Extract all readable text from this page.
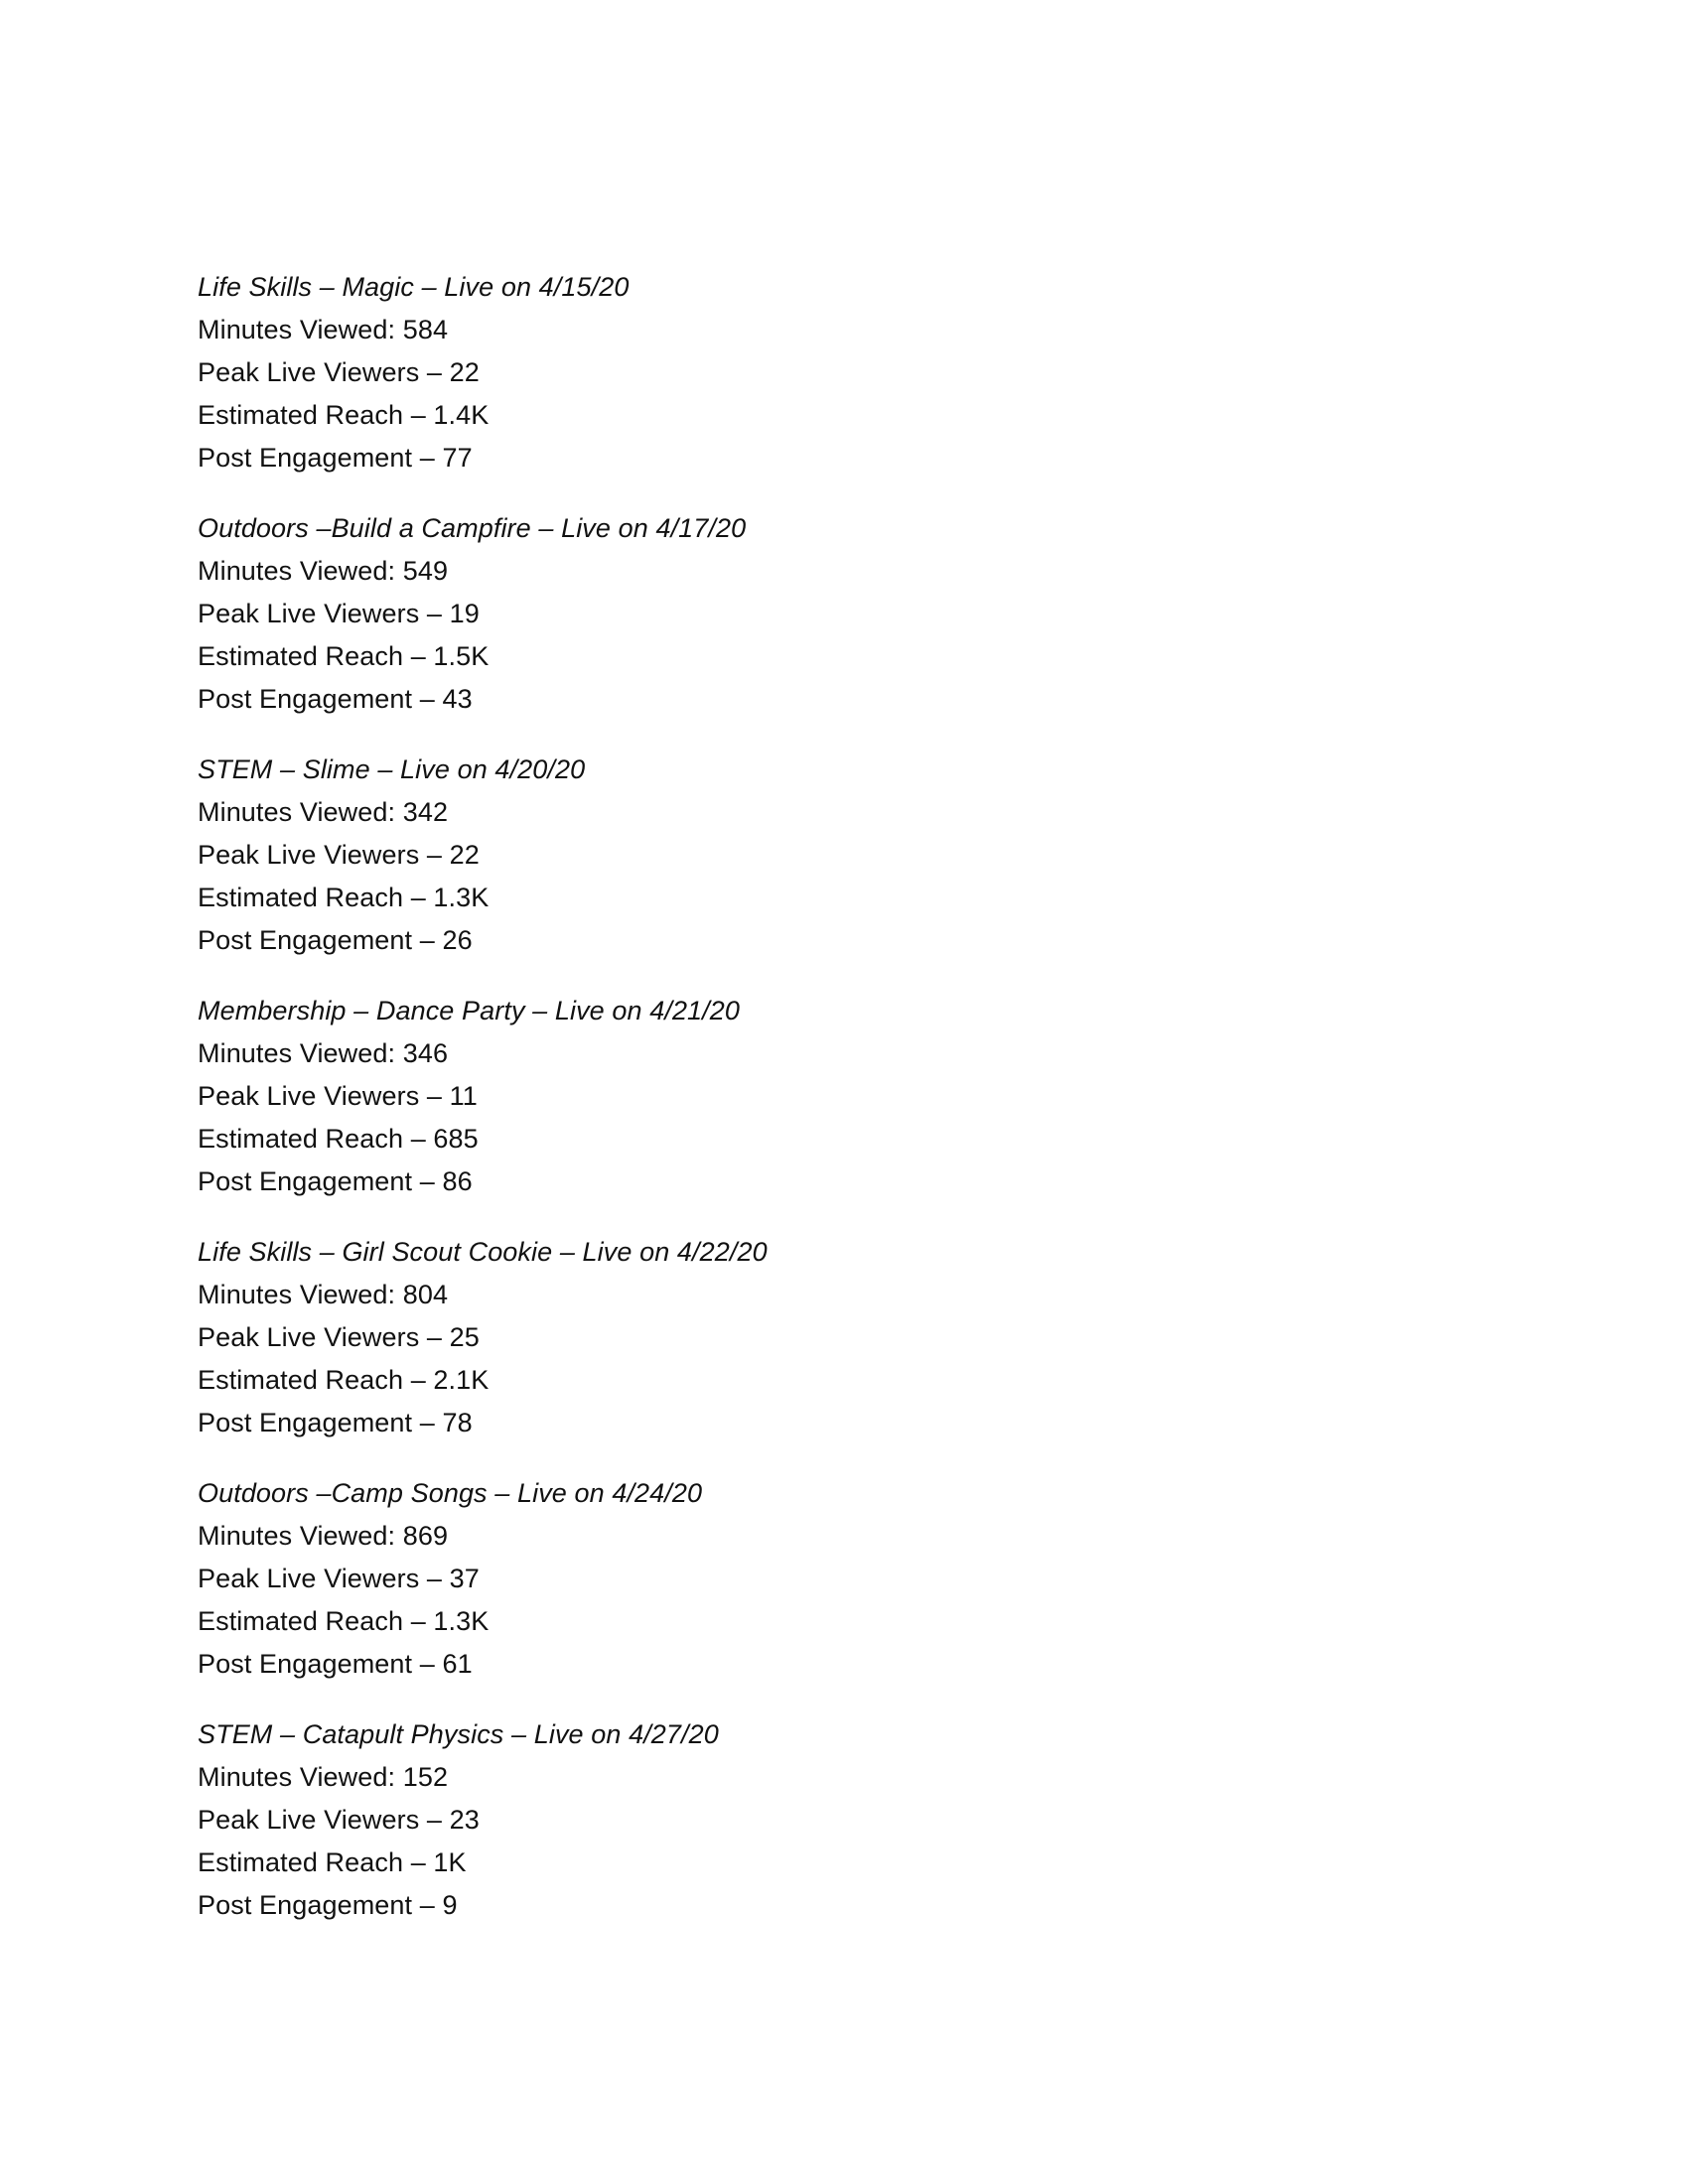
Life Skills – Magic – Live on 4/15/20
Minutes Viewed: 584
Peak Live Viewers – 22
Estimated Reach – 1.4K
Post Engagement – 77
Outdoors –Build a Campfire – Live on 4/17/20
Minutes Viewed: 549
Peak Live Viewers – 19
Estimated Reach – 1.5K
Post Engagement – 43
STEM – Slime – Live on 4/20/20
Minutes Viewed: 342
Peak Live Viewers – 22
Estimated Reach – 1.3K
Post Engagement – 26
Membership – Dance Party – Live on 4/21/20
Minutes Viewed: 346
Peak Live Viewers – 11
Estimated Reach – 685
Post Engagement – 86
Life Skills – Girl Scout Cookie – Live on 4/22/20
Minutes Viewed: 804
Peak Live Viewers – 25
Estimated Reach – 2.1K
Post Engagement – 78
Outdoors –Camp Songs – Live on 4/24/20
Minutes Viewed: 869
Peak Live Viewers – 37
Estimated Reach – 1.3K
Post Engagement – 61
STEM – Catapult Physics – Live on 4/27/20
Minutes Viewed: 152
Peak Live Viewers – 23
Estimated Reach – 1K
Post Engagement – 9
